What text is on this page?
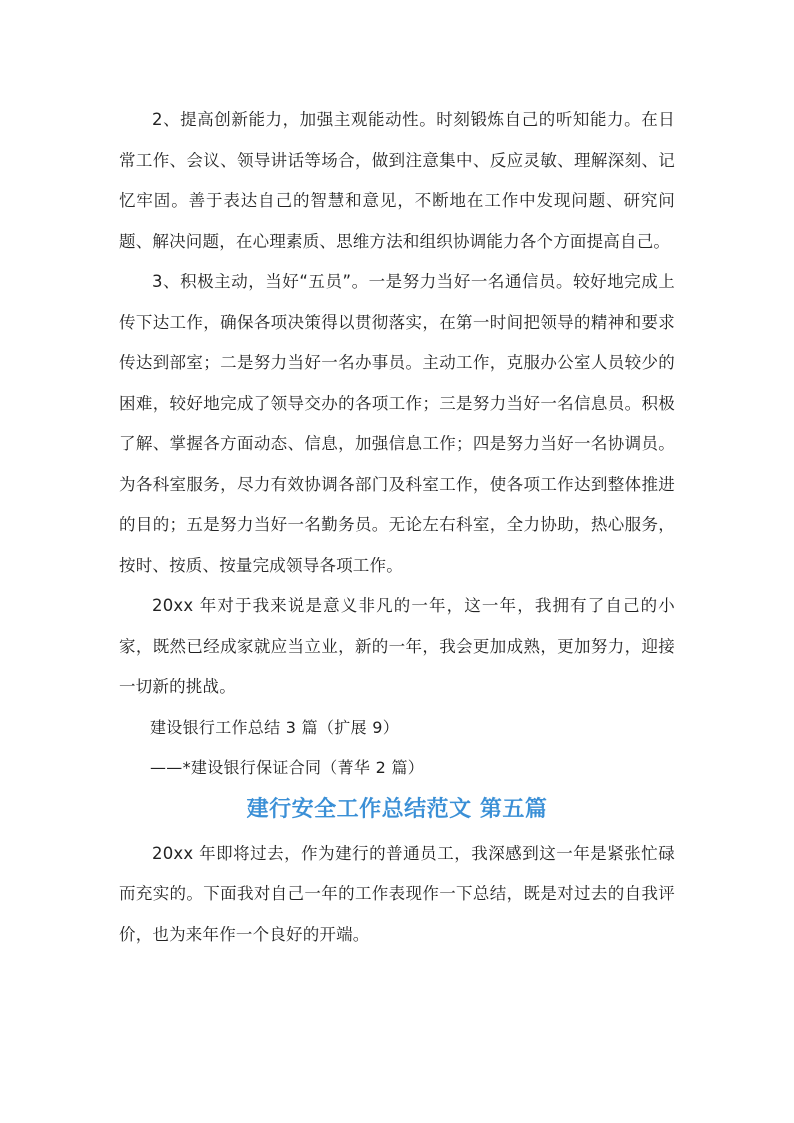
2、提高创新能力，加强主观能动性。时刻锻炼自己的听知能力。在日常工作、会议、领导讲话等场合，做到注意集中、反应灵敏、理解深刻、记忆牢固。善于表达自己的智慧和意见，不断地在工作中发现问题、研究问题、解决问题，在心理素质、思维方法和组织协调能力各个方面提高自己。

3、积极主动，当好“五员”。一是努力当好一名通信员。较好地完成上传下达工作，确保各项决策得以贯彻落实，在第一时间把领导的精神和要求传达到部室；二是努力当好一名办事员。主动工作，克服办公室人员较少的困难，较好地完成了领导交办的各项工作；三是努力当好一名信息员。积极了解、掌握各方面动态、信息，加强信息工作；四是努力当好一名协调员。为各科室服务，尽力有效协调各部门及科室工作，使各项工作达到整体推进的目的；五是努力当好一名勤务员。无论左右科室，全力协助，热心服务，按时、按质、按量完成领导各项工作。

20xx 年对于我来说是意义非凡的一年，这一年，我拥有了自己的小家，既然已经成家就应当立业，新的一年，我会更加成熟，更加努力，迎接一切新的挑战。

建设银行工作总结 3 篇（扩展 9）

——*建设银行保证合同（菁华 2 篇）

建行安全工作总结范文 第五篇

20xx 年即将过去，作为建行的普通员工，我深感到这一年是紧张忙碌而充实的。下面我对自己一年的工作表现作一下总结，既是对过去的自我评价，也为来年作一个良好的开端。
